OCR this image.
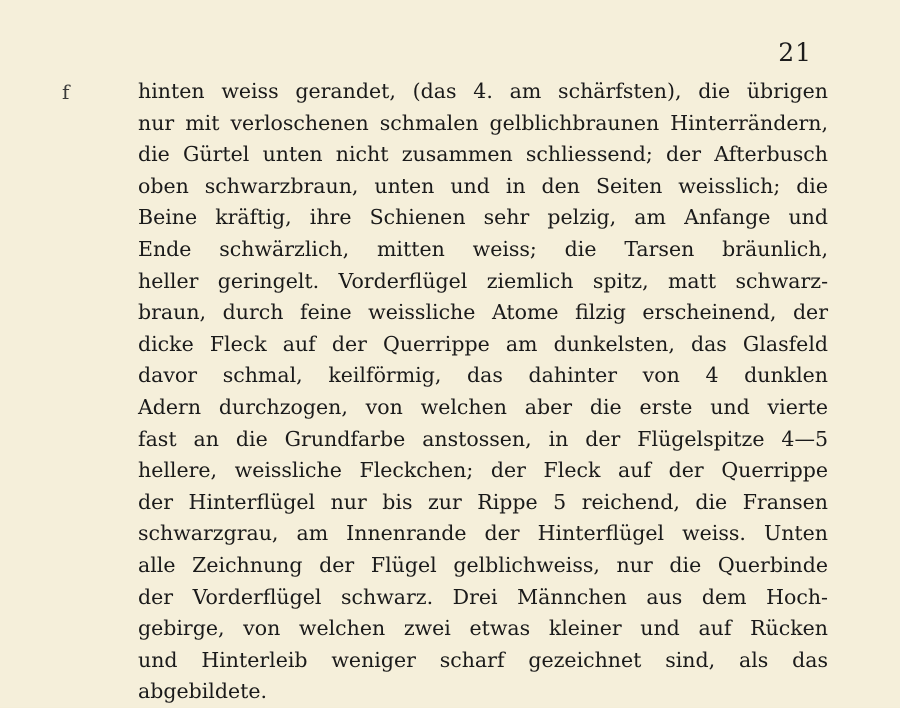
21
f	hinten weiss gerandet, (das 4. am schärfsten), die übrigen
nur mit verloschenen schmalen gelblichbraunen Hinterrändern,
die Gürtel unten nicht zusammen schliessend; der Afterbusch
oben schwarzbraun, unten und in den Seiten weisslich; die
Beine kräftig, ihre Schienen sehr pelzig, am Anfange und
Ende schwärzlich, mitten weiss; die Tarsen bräunlich,
heller geringelt. Vorderflügel ziemlich spitz, matt schwarz-
braun, durch feine weissliche Atome filzig erscheinend, der
dicke Fleck auf der Querrippe am dunkelsten, das Glasfeld
davor schmal, keilförmig, das dahinter von 4 dunklen
Adern durchzogen, von welchen aber die erste und vierte
fast an die Grundfarbe anstossen, in der Flügelspitze 4—5
hellere, weissliche Fleckchen; der Fleck auf der Querrippe
der Hinterflügel nur bis zur Rippe 5 reichend, die Fransen
schwarzgrau, am Innenrande der Hinterflügel weiss. Unten
alle Zeichnung der Flügel gelblichweiss, nur die Querbinde
der Vorderflügel schwarz. Drei Männchen aus dem Hoch-
gebirge, von welchen zwei etwas kleiner und auf Rücken
und Hinterleib weniger scharf gezeichnet sind, als das
abgebildete.
